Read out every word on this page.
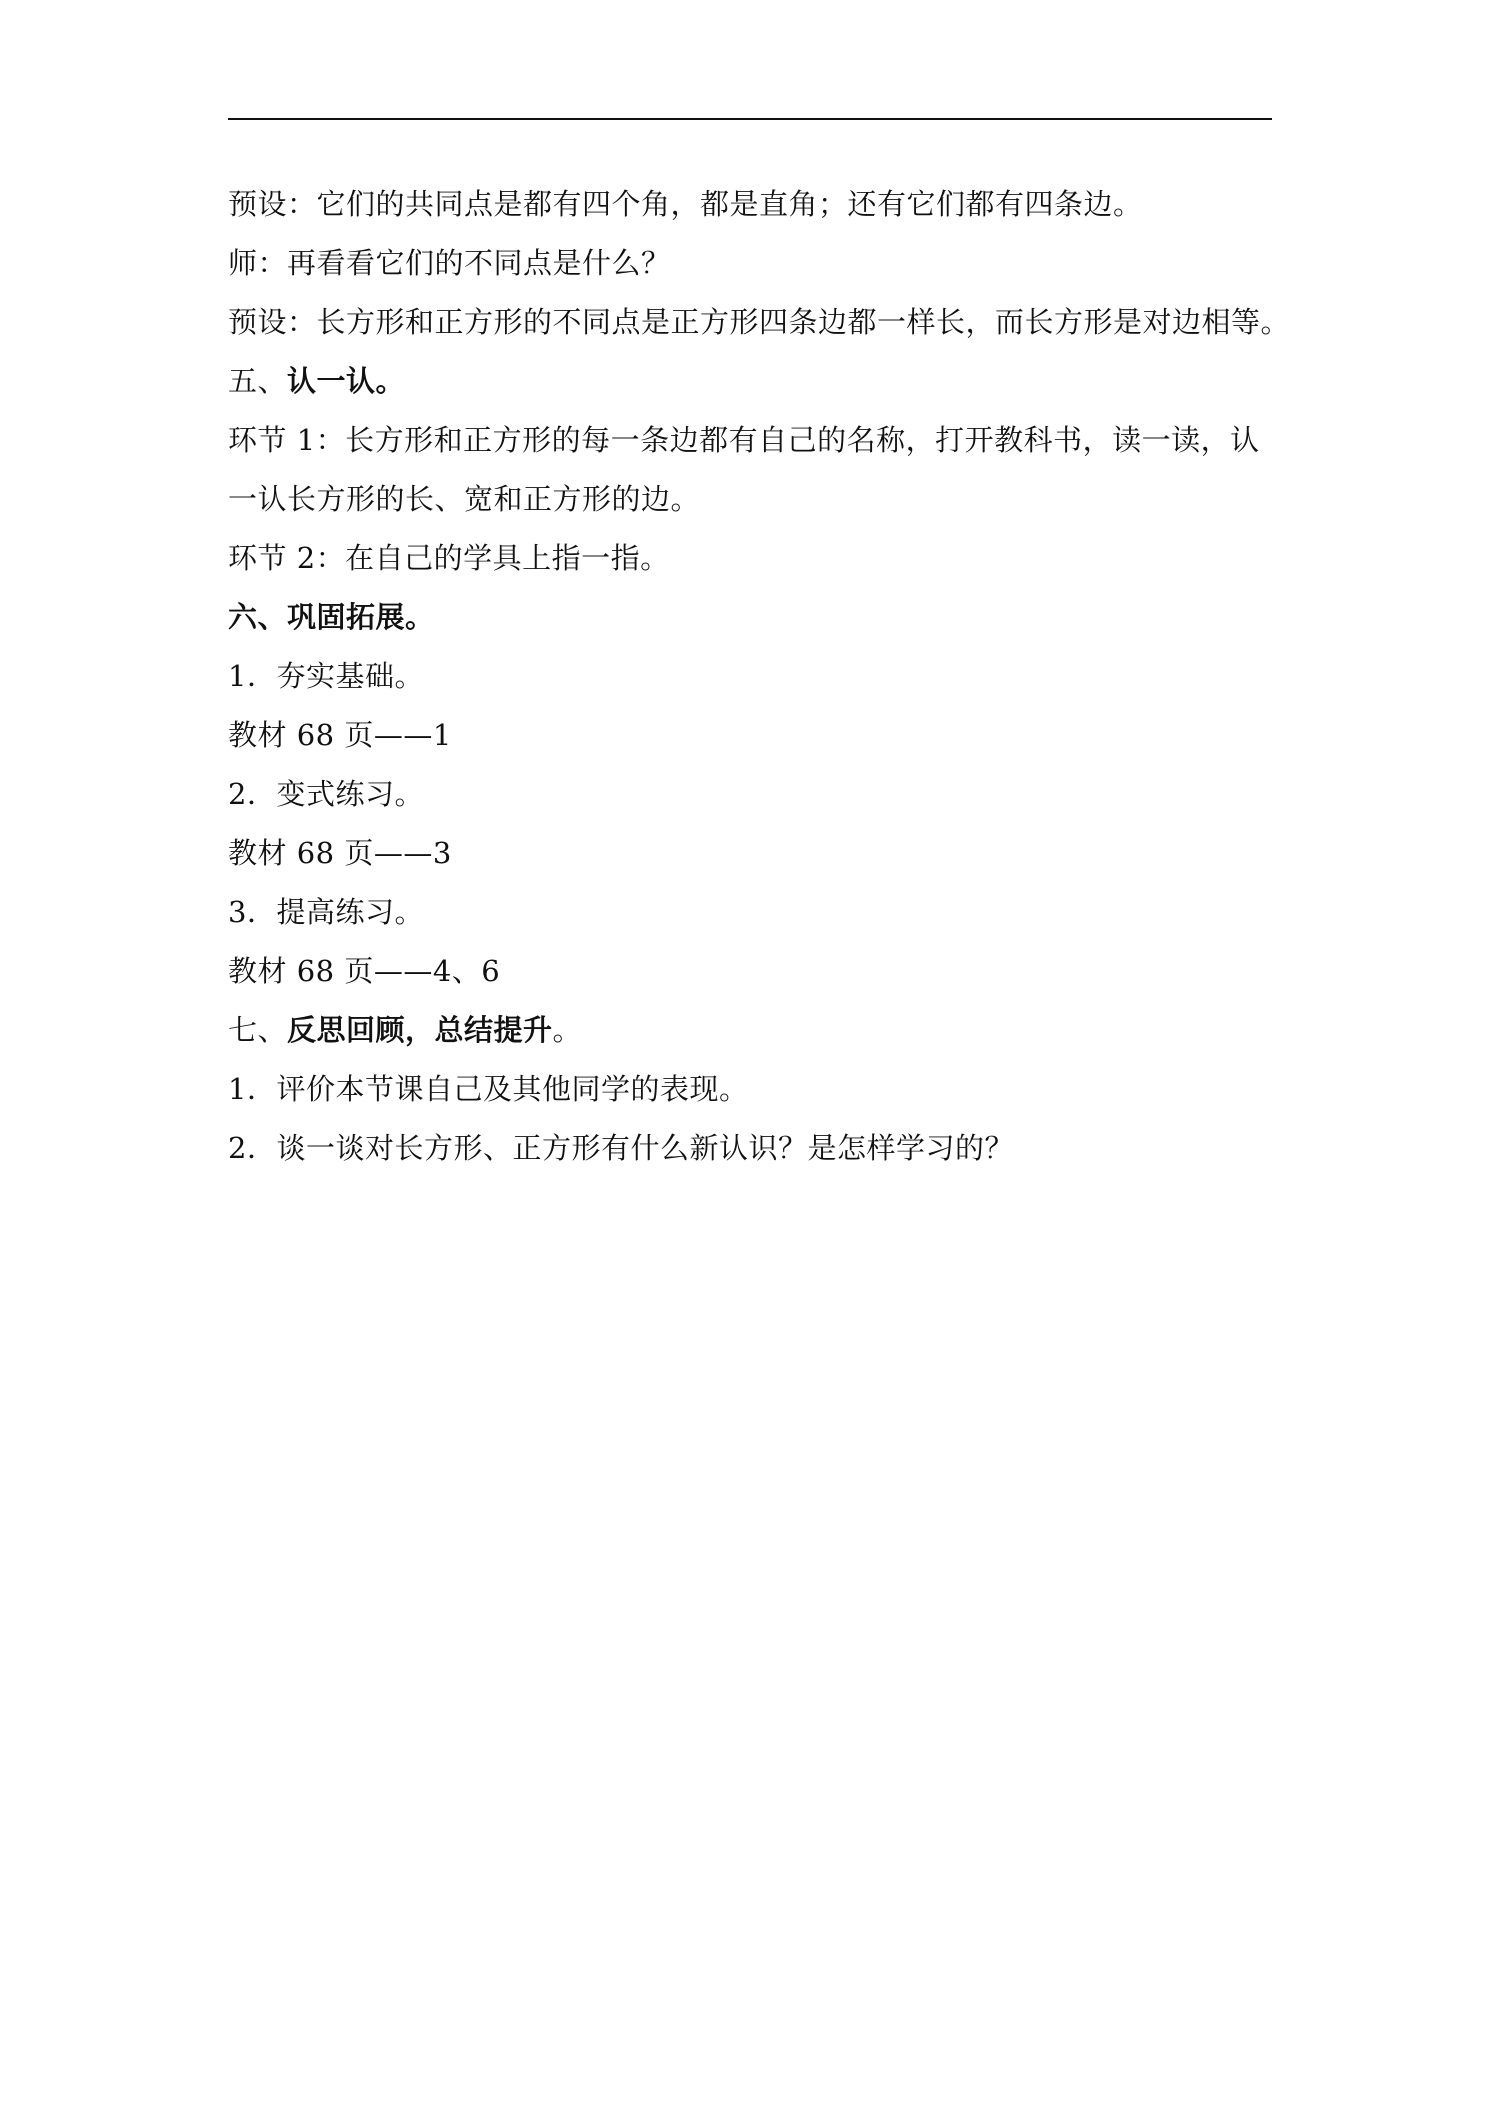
预设：它们的共同点是都有四个角，都是直角；还有它们都有四条边。
师：再看看它们的不同点是什么？
预设：长方形和正方形的不同点是正方形四条边都一样长，而长方形是对边相等。
五、认一认。
环节 1：长方形和正方形的每一条边都有自己的名称，打开教科书，读一读，认
一认长方形的长、宽和正方形的边。
环节 2：在自己的学具上指一指。
六、巩固拓展。
1．夯实基础。
教材 68 页——1
2．变式练习。
教材 68 页——3
3．提高练习。
教材 68 页——4、6
七、反思回顾，总结提升。
1．评价本节课自己及其他同学的表现。
2．谈一谈对长方形、正方形有什么新认识？是怎样学习的？
